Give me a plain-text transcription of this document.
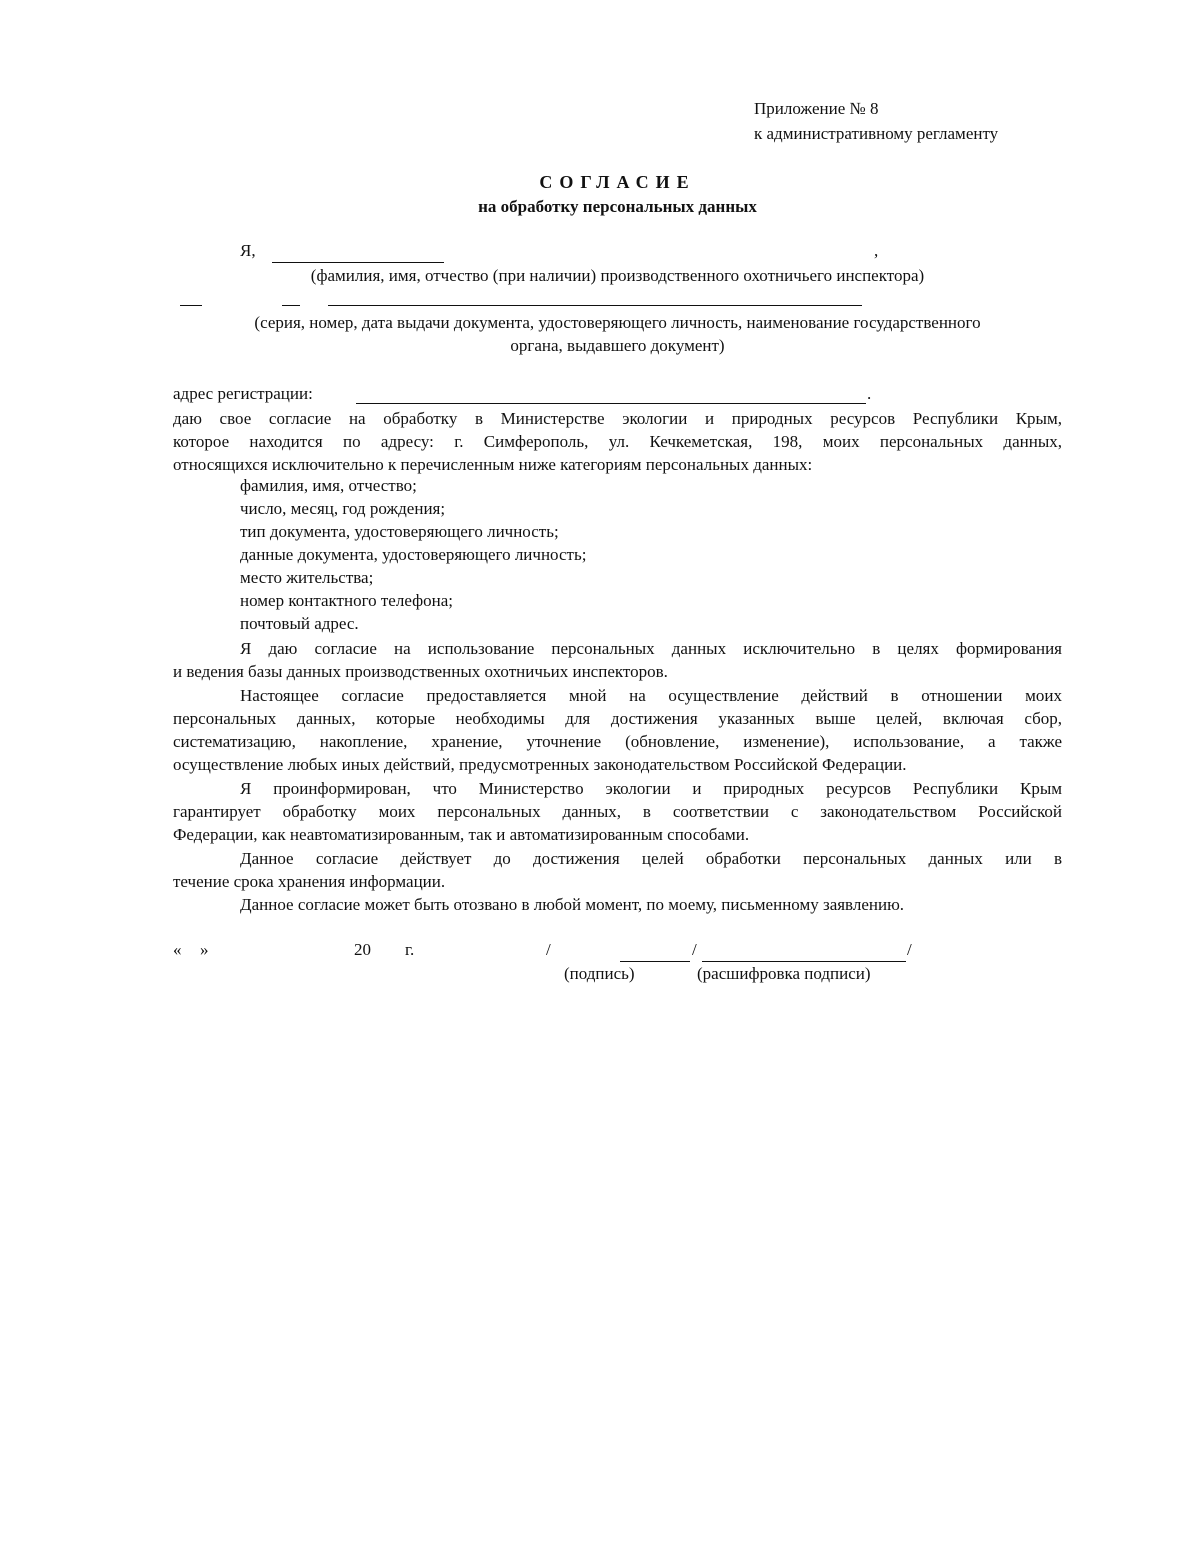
Приложение № 8
к административному регламенту
СОГЛАСИЕ
на обработку персональных данных
Я,	,
(фамилия, имя, отчество (при наличии) производственного охотничьего инспектора)
(серия, номер, дата выдачи документа, удостоверяющего личность, наименование государственного
органа, выдавшего документ)
адрес регистрации:	.
даю свое согласие на обработку в Министерстве экологии и природных ресурсов Республики Крым,
которое находится по адресу: г. Симферополь, ул. Кечкеметская, 198, моих персональных данных,
относящихся исключительно к перечисленным ниже категориям персональных данных:
фамилия, имя, отчество;
число, месяц, год рождения;
тип документа, удостоверяющего личность;
данные документа, удостоверяющего личность;
место жительства;
номер контактного телефона;
почтовый адрес.
Я даю согласие на использование персональных данных исключительно в целях формирования
и ведения базы данных производственных охотничьих инспекторов.
Настоящее согласие предоставляется мной на осуществление действий в отношении моих
персональных данных, которые необходимы для достижения указанных выше целей, включая сбор,
систематизацию, накопление, хранение, уточнение (обновление, изменение), использование, а также
осуществление любых иных действий, предусмотренных законодательством Российской Федерации.
Я проинформирован, что Министерство экологии и природных ресурсов Республики Крым
гарантирует обработку моих персональных данных, в соответствии с законодательством Российской
Федерации, как неавтоматизированным, так и автоматизированным способами.
Данное согласие действует до достижения целей обработки персональных данных или в
течение срока хранения информации.
Данное согласие может быть отозвано в любой момент, по моему, письменному заявлению.
« »	20 г.	/	/	/
(подпись)	(расшифровка подписи)
